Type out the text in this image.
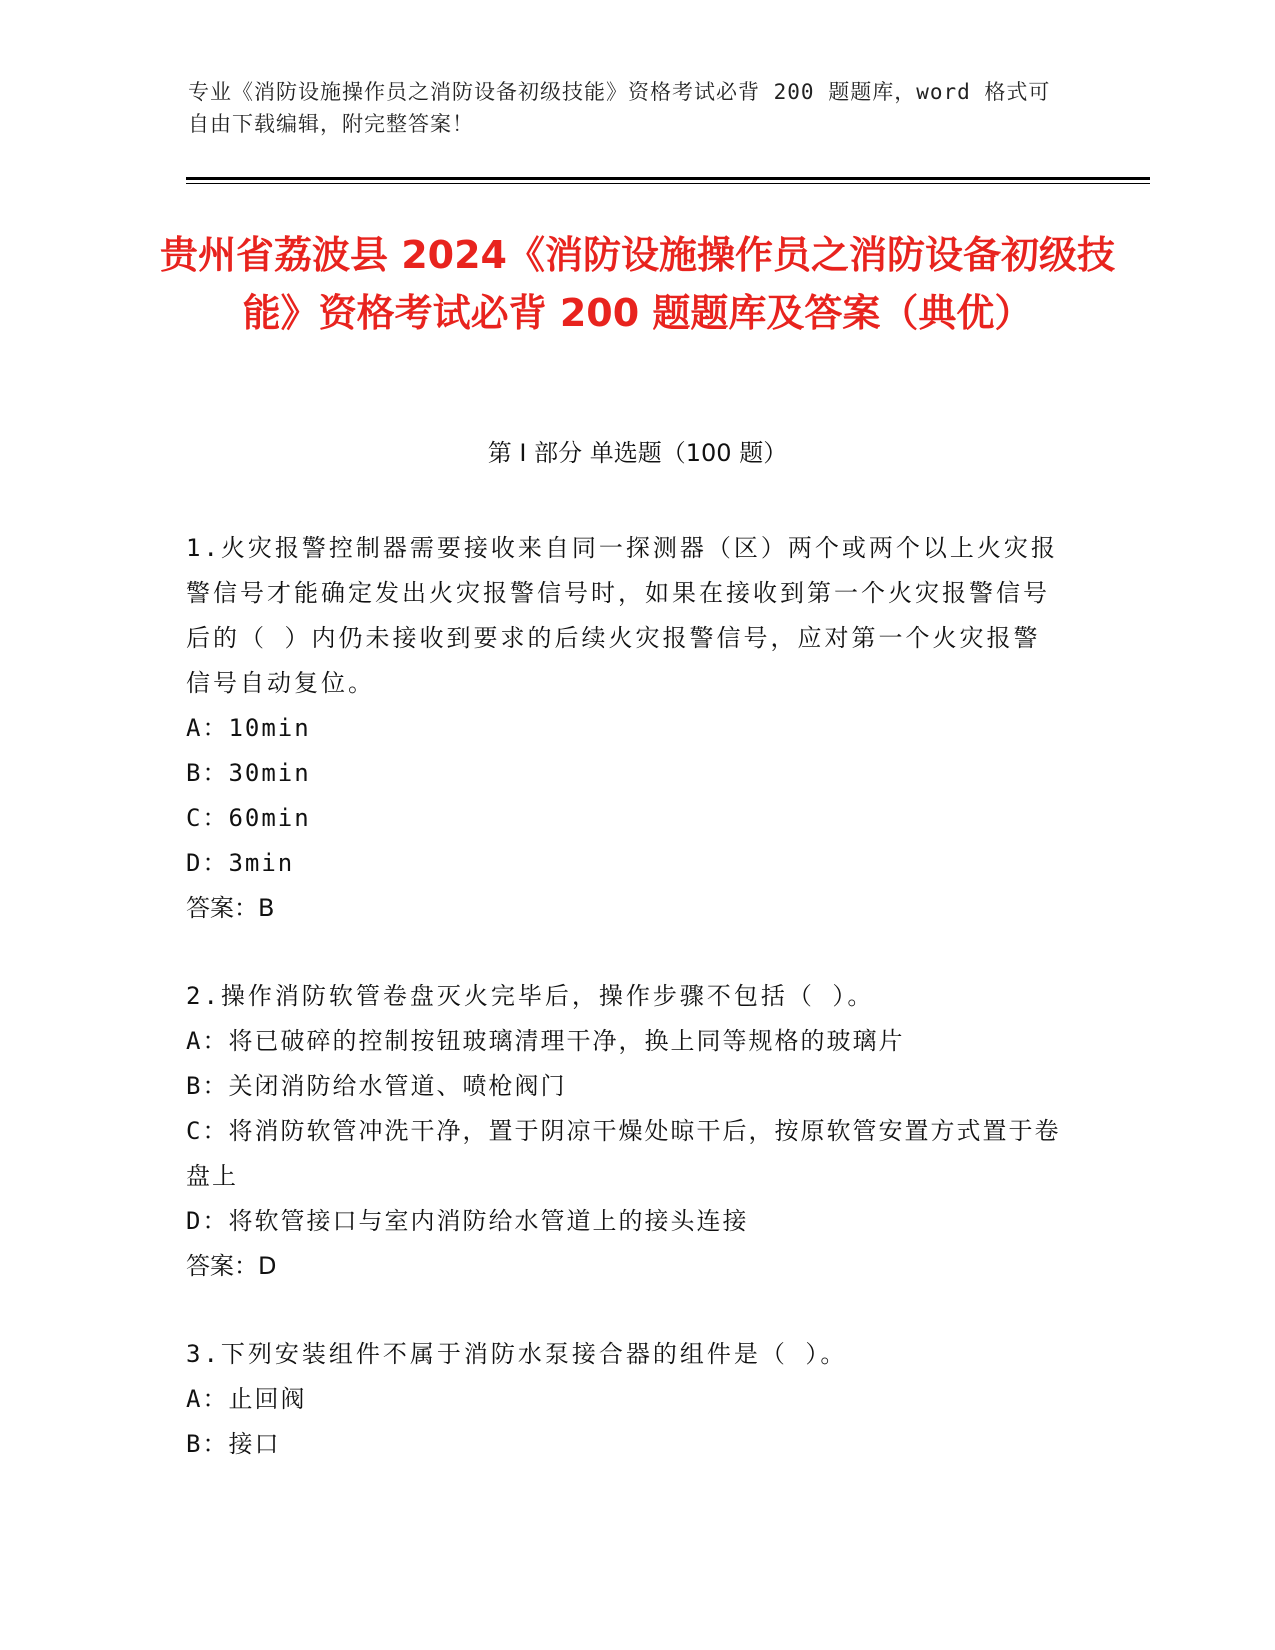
专业《消防设施操作员之消防设备初级技能》资格考试必背 200 题题库，word 格式可自由下载编辑，附完整答案！
贵州省荔波县 2024《消防设施操作员之消防设备初级技能》资格考试必背 200 题题库及答案（典优）
第 I 部分 单选题（100 题）
1.火灾报警控制器需要接收来自同一探测器（区）两个或两个以上火灾报警信号才能确定发出火灾报警信号时，如果在接收到第一个火灾报警信号后的（ ）内仍未接收到要求的后续火灾报警信号，应对第一个火灾报警信号自动复位。
A：10min
B：30min
C：60min
D：3min
答案：B
2.操作消防软管卷盘灭火完毕后，操作步骤不包括（ ）。
A：将已破碎的控制按钮玻璃清理干净，换上同等规格的玻璃片
B：关闭消防给水管道、喷枪阀门
C：将消防软管冲洗干净，置于阴凉干燥处晾干后，按原软管安置方式置于卷盘上
D：将软管接口与室内消防给水管道上的接头连接
答案：D
3.下列安装组件不属于消防水泵接合器的组件是（ ）。
A：止回阀
B：接口
